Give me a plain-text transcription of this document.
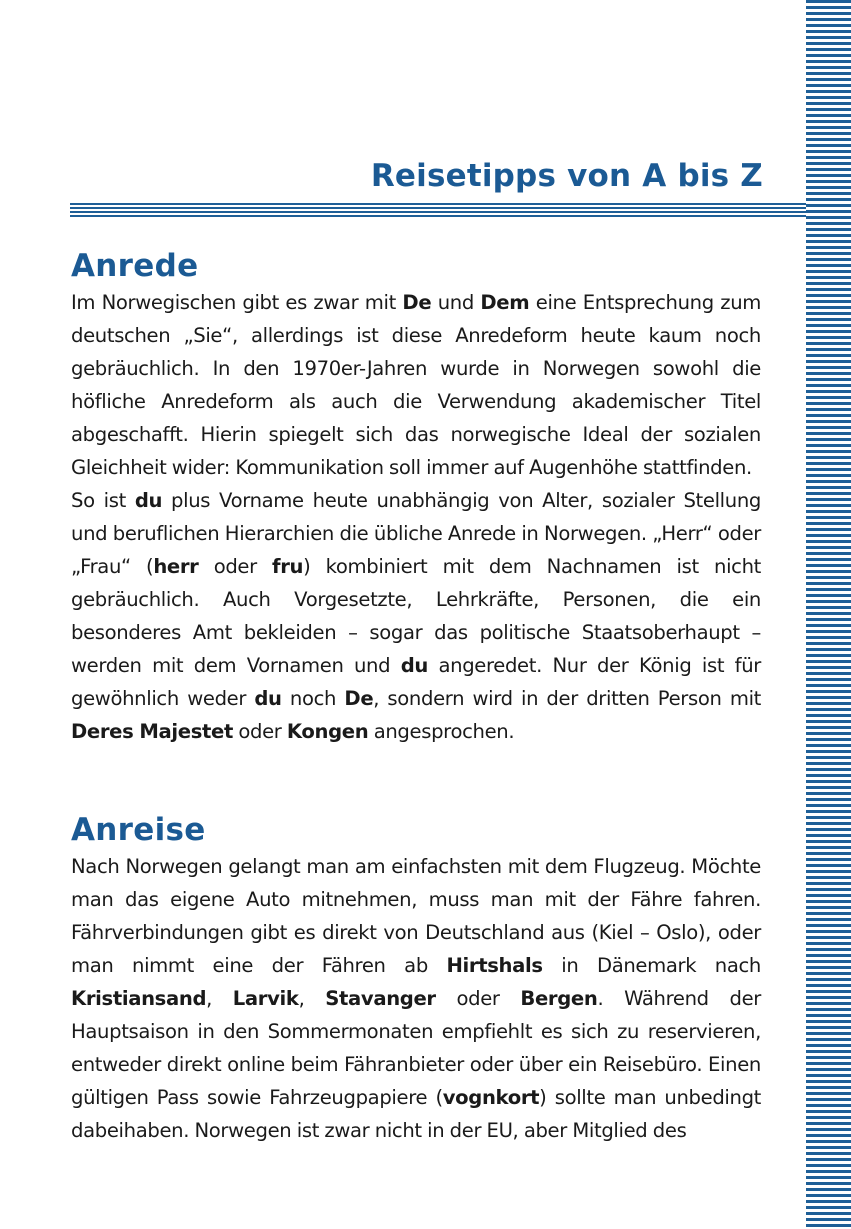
Reisetipps von A bis Z
Anrede

Im Norwegischen gibt es zwar mit De und Dem eine Entsprechung zum deutschen „Sie“, allerdings ist diese Anredeform heute kaum noch gebräuchlich. In den 1970er-Jahren wurde in Norwegen sowohl die höfliche Anredeform als auch die Verwendung akademischer Titel abgeschafft. Hierin spiegelt sich das norwegische Ideal der sozialen Gleichheit wider: Kommunikation soll immer auf Augenhöhe stattfinden.

So ist du plus Vorname heute unabhängig von Alter, sozialer Stellung und beruflichen Hierarchien die übliche Anrede in Norwegen. „Herr“ oder „Frau“ (herr oder fru) kombiniert mit dem Nachnamen ist nicht gebräuchlich. Auch Vorgesetzte, Lehrkräfte, Personen, die ein besonderes Amt bekleiden – sogar das politische Staatsoberhaupt – werden mit dem Vornamen und du angeredet. Nur der König ist für gewöhnlich weder du noch De, sondern wird in der dritten Person mit Deres Majestet oder Kongen angesprochen.

Anreise

Nach Norwegen gelangt man am einfachsten mit dem Flugzeug. Möchte man das eigene Auto mitnehmen, muss man mit der Fähre fahren. Fährverbindungen gibt es direkt von Deutschland aus (Kiel – Oslo), oder man nimmt eine der Fähren ab Hirtshals in Dänemark nach Kristiansand, Larvik, Stavanger oder Bergen. Während der Hauptsaison in den Sommermonaten empfiehlt es sich zu reservieren, entweder direkt online beim Fähranbieter oder über ein Reisebüro. Einen gültigen Pass sowie Fahrzeugpapiere (vognkort) sollte man unbedingt dabeihaben. Norwegen ist zwar nicht in der EU, aber Mitglied des
